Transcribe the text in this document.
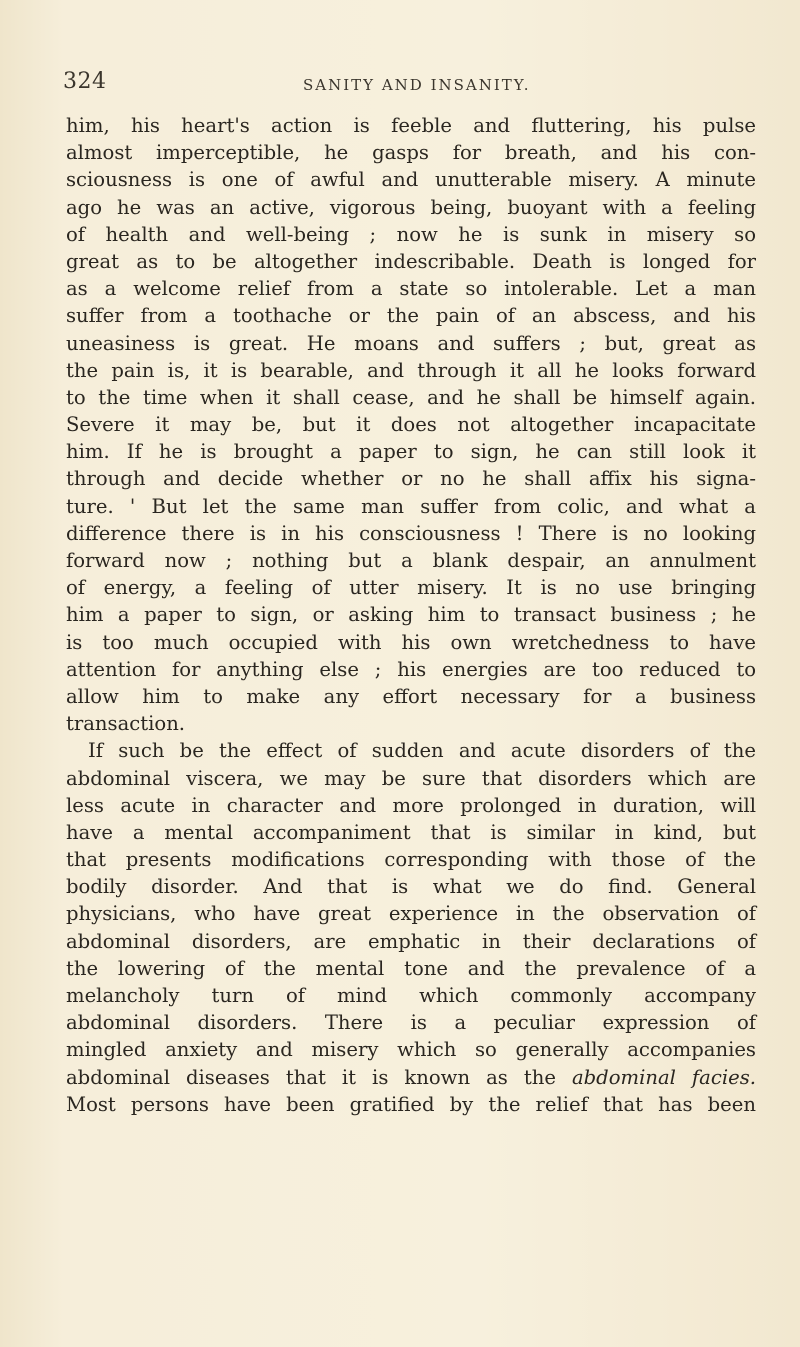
324	SANITY AND INSANITY.
him, his heart's action is feeble and fluttering, his pulse
almost imperceptible, he gasps for breath, and his con-
sciousness is one of awful and unutterable misery. A minute
ago he was an active, vigorous being, buoyant with a feeling
of health and well-being ; now he is sunk in misery so
great as to be altogether indescribable. Death is longed for
as a welcome relief from a state so intolerable. Let a man
suffer from a toothache or the pain of an abscess, and his
uneasiness is great. He moans and suffers ; but, great as
the pain is, it is bearable, and through it all he looks forward
to the time when it shall cease, and he shall be himself again.
Severe it may be, but it does not altogether incapacitate
him. If he is brought a paper to sign, he can still look it
through and decide whether or no he shall affix his signa-
ture. ' But let the same man suffer from colic, and what a
difference there is in his consciousness ! There is no looking
forward now ; nothing but a blank despair, an annulment
of energy, a feeling of utter misery. It is no use bringing
him a paper to sign, or asking him to transact business ; he
is too much occupied with his own wretchedness to have
attention for anything else ; his energies are too reduced to
allow him to make any effort necessary for a business
transaction.
If such be the effect of sudden and acute disorders of the
abdominal viscera, we may be sure that disorders which are
less acute in character and more prolonged in duration, will
have a mental accompaniment that is similar in kind, but
that presents modifications corresponding with those of the
bodily disorder. And that is what we do find. General
physicians, who have great experience in the observation of
abdominal disorders, are emphatic in their declarations of
the lowering of the mental tone and the prevalence of a
melancholy turn of mind which commonly accompany
abdominal disorders. There is a peculiar expression of
mingled anxiety and misery which so generally accompanies
abdominal diseases that it is known as the abdominal facies.
Most persons have been gratified by the relief that has been
